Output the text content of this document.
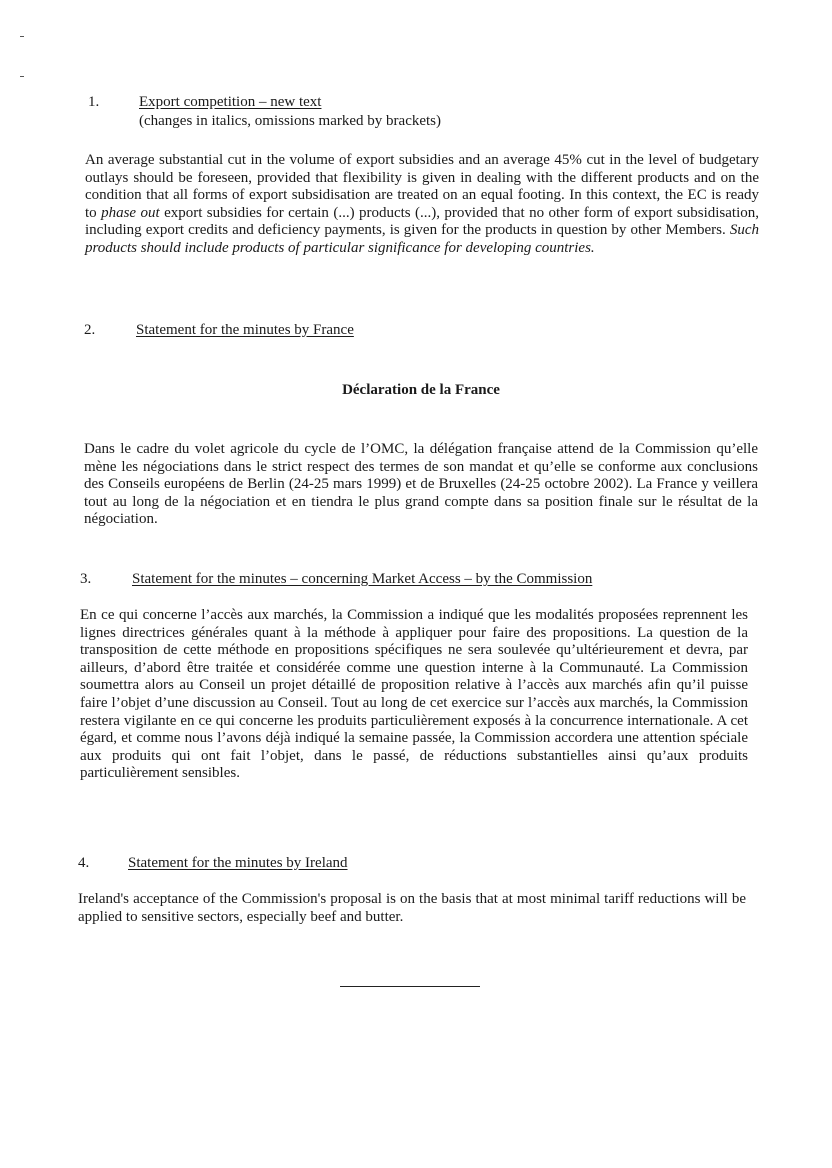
1.	Export competition – new text
(changes in italics, omissions marked by brackets)

An average substantial cut in the volume of export subsidies and an average 45% cut in the level of budgetary outlays should be foreseen, provided that flexibility is given in dealing with the different products and on the condition that all forms of export subsidisation are treated on an equal footing. In this context, the EC is ready to phase out export subsidies for certain (...) products (...), provided that no other form of export subsidisation, including export credits and deficiency payments, is given for the products in question by other Members. Such products should include products of particular significance for developing countries.

2.	Statement for the minutes by France
Déclaration de la France

Dans le cadre du volet agricole du cycle de l’OMC, la délégation française attend de la Commission qu’elle mène les négociations dans le strict respect des termes de son mandat et qu’elle se conforme aux conclusions des Conseils européens de Berlin (24-25 mars 1999) et de Bruxelles (24-25 octobre 2002). La France y veillera tout au long de la négociation et en tiendra le plus grand compte dans sa position finale sur le résultat de la négociation.

3.	Statement for the minutes – concerning Market Access – by the Commission

En ce qui concerne l’accès aux marchés, la Commission a indiqué que les modalités proposées reprennent les lignes directrices générales quant à la méthode à appliquer pour faire des propositions. La question de la transposition de cette méthode en propositions spécifiques ne sera soulevée qu’ultérieurement et devra, par ailleurs, d’abord être traitée et considérée comme une question interne à la Communauté. La Commission soumettra alors au Conseil un projet détaillé de proposition relative à l’accès aux marchés afin qu’il puisse faire l’objet d’une discussion au Conseil. Tout au long de cet exercice sur l’accès aux marchés, la Commission restera vigilante en ce qui concerne les produits particulièrement exposés à la concurrence internationale. A cet égard, et comme nous l’avons déjà indiqué la semaine passée, la Commission accordera une attention spéciale aux produits qui ont fait l’objet, dans le passé, de réductions substantielles ainsi qu’aux produits particulièrement sensibles.

4.	Statement for the minutes by Ireland

Ireland's acceptance of the Commission's proposal is on the basis that at most minimal tariff reductions will be applied to sensitive sectors, especially beef and butter.
